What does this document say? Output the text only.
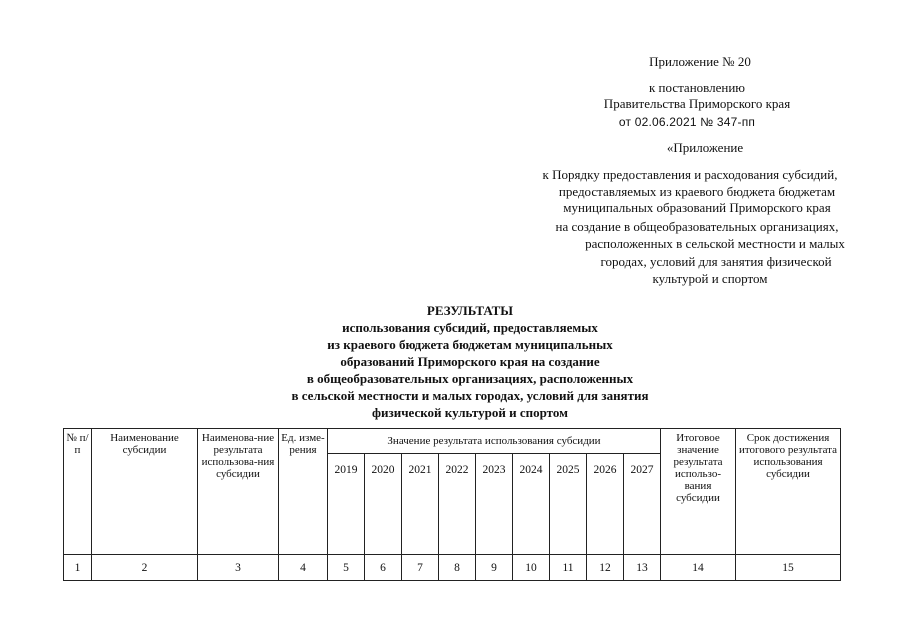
Приложение № 20
к постановлению
Правительства Приморского края
от 02.06.2021 № 347-пп
«Приложение
к Порядку предоставления и расходования субсидий,
предоставляемых из краевого бюджета бюджетам
муниципальных образований Приморского края
на создание в общеобразовательных организациях,
расположенных в сельской местности и малых
городах, условий для занятия физической
культурой и спортом
РЕЗУЛЬТАТЫ
использования субсидий, предоставляемых
из краевого бюджета бюджетам муниципальных
образований Приморского края на создание
в общеобразовательных организациях, расположенных
в сельской местности и малых городах, условий для занятия
физической культурой и спортом
№ п/п	Наименование субсидии	Наименова-ние результата использова-ния субсидии	Ед. изме-рения	Значение результата использования субсидии									Итоговое значение результата использо-вания субсидии	Срок достижения итогового результата использования субсидии

				2019	2020	2021	2022	2023	2024	2025	2026	2027		
1	2	3	4	5	6	7	8	9	10	11	12	13	14	15
